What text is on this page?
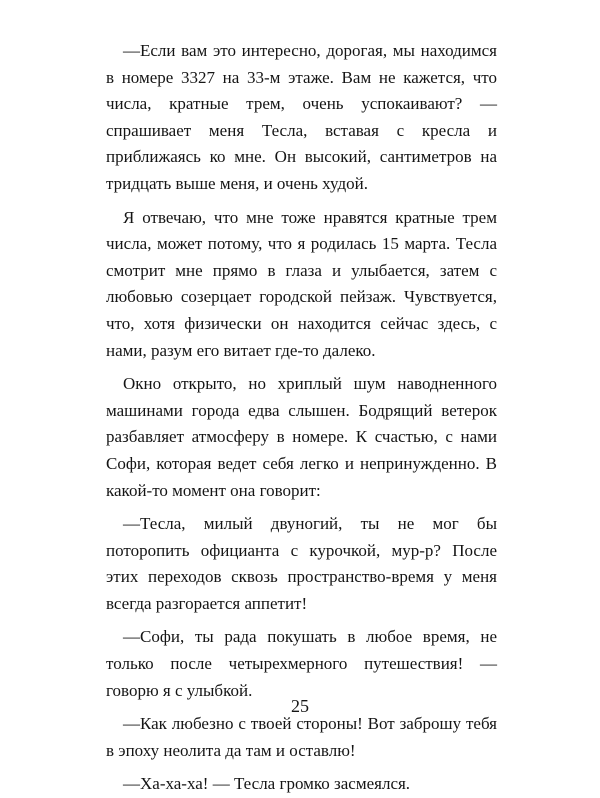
—Если вам это интересно, дорогая, мы находимся в номере 3327 на 33-м этаже. Вам не кажется, что числа, кратные трем, очень успокаивают? — спрашивает меня Тесла, вставая с кресла и приближаясь ко мне. Он высокий, сантиметров на тридцать выше меня, и очень худой.

Я отвечаю, что мне тоже нравятся кратные трем числа, может потому, что я родилась 15 марта. Тесла смотрит мне прямо в глаза и улыбается, затем с любовью созерцает городской пейзаж. Чувствуется, что, хотя физически он находится сейчас здесь, с нами, разум его витает где-то далеко.

Окно открыто, но хриплый шум наводненного машинами города едва слышен. Бодрящий ветерок разбавляет атмосферу в номере. К счастью, с нами Софи, которая ведет себя легко и непринужденно. В какой-то момент она говорит:

—Тесла, милый двуногий, ты не мог бы поторопить официанта с курочкой, мур-р? После этих переходов сквозь пространство-время у меня всегда разгорается аппетит!

—Софи, ты рада покушать в любое время, не только после четырехмерного путешествия! — говорю я с улыбкой.

—Как любезно с твоей стороны! Вот заброшу тебя в эпоху неолита да там и оставлю!

—Ха-ха-ха! — Тесла громко засмеялся.

25
